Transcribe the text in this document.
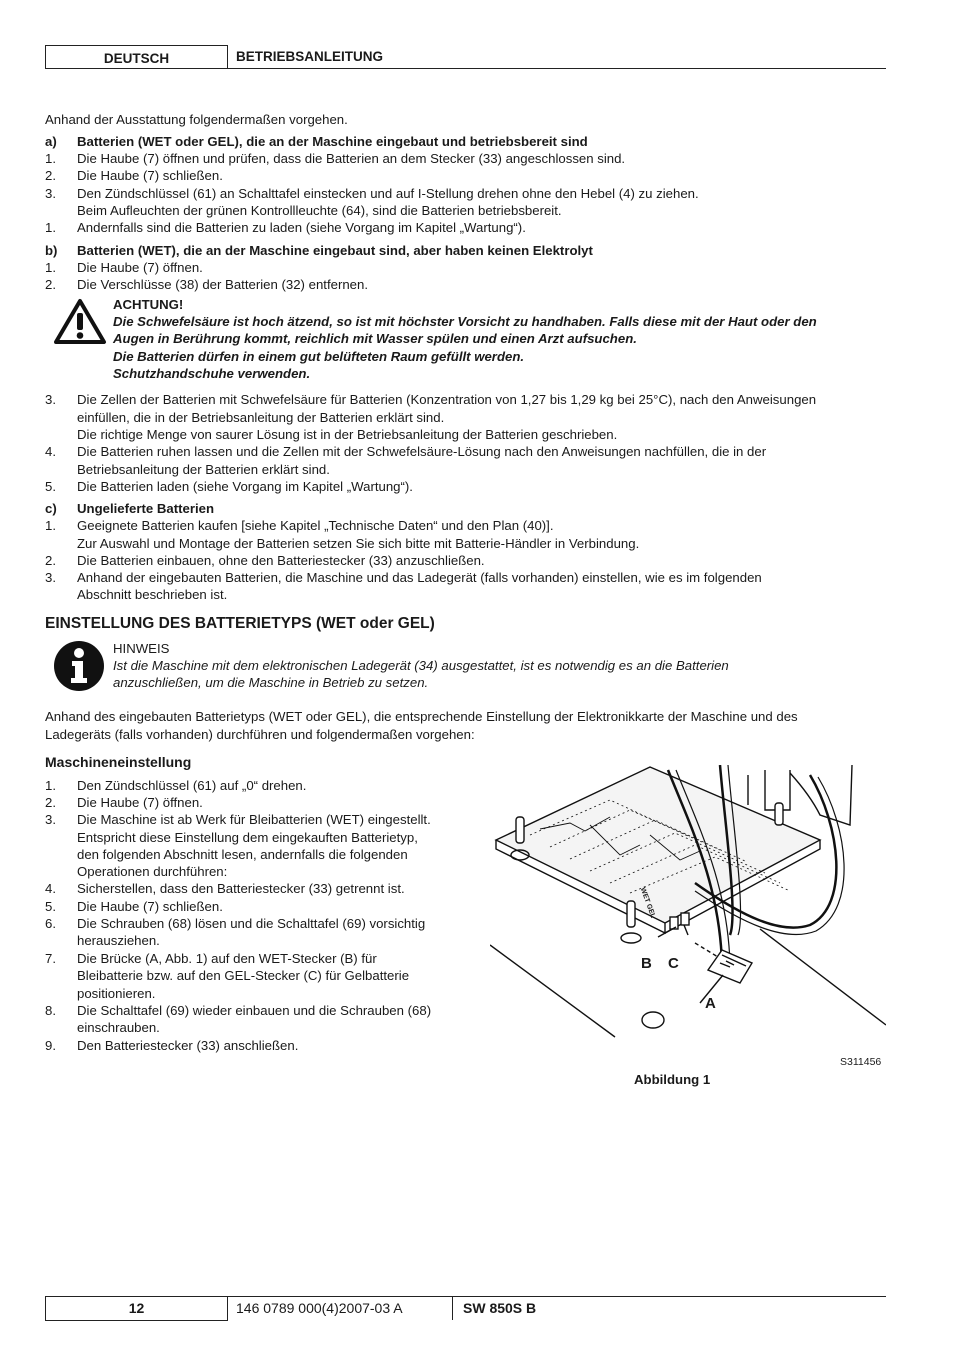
DEUTSCH	BETRIEBSANLEITUNG
Anhand der Ausstattung folgendermaßen vorgehen.
a)	Batterien (WET oder GEL), die an der Maschine eingebaut und betriebsbereit sind
1.	Die Haube (7) öffnen und prüfen, dass die Batterien an dem Stecker (33) angeschlossen sind.
2.	Die Haube (7) schließen.
3.	Den Zündschlüssel (61) an Schalttafel einstecken und auf I-Stellung drehen ohne den Hebel (4) zu ziehen.
Beim Aufleuchten der grünen Kontrollleuchte (64), sind die Batterien betriebsbereit.
1.	Andernfalls sind die Batterien zu laden (siehe Vorgang im Kapitel „Wartung“).
b)	Batterien (WET), die an der Maschine eingebaut sind, aber haben keinen Elektrolyt
1.	Die Haube (7) öffnen.
2.	Die Verschlüsse (38) der Batterien (32) entfernen.
ACHTUNG!
Die Schwefelsäure ist hoch ätzend, so ist mit höchster Vorsicht zu handhaben. Falls diese mit der Haut oder den
Augen in Berührung kommt, reichlich mit Wasser spülen und einen Arzt aufsuchen.
Die Batterien dürfen in einem gut belüfteten Raum gefüllt werden.
Schutzhandschuhe verwenden.
3.	Die Zellen der Batterien mit Schwefelsäure für Batterien (Konzentration von 1,27 bis 1,29 kg bei 25°C), nach den Anweisungen
einfüllen, die in der Betriebsanleitung der Batterien erklärt sind.
Die richtige Menge von saurer Lösung ist in der Betriebsanleitung der Batterien geschrieben.
4.	Die Batterien ruhen lassen und die Zellen mit der Schwefelsäure-Lösung nach den Anweisungen nachfüllen, die in der
Betriebsanleitung der Batterien erklärt sind.
5.	Die Batterien laden (siehe Vorgang im Kapitel „Wartung“).
c)	Ungelieferte Batterien
1.	Geeignete Batterien kaufen [siehe Kapitel „Technische Daten“ und den Plan (40)].
Zur Auswahl und Montage der Batterien setzen Sie sich bitte mit Batterie-Händler in Verbindung.
2.	Die Batterien einbauen, ohne den Batteriestecker (33) anzuschließen.
3.	Anhand der eingebauten Batterien, die Maschine und das Ladegerät (falls vorhanden) einstellen, wie es im folgenden
Abschnitt beschrieben ist.
EINSTELLUNG DES BATTERIETYPS (WET oder GEL)
HINWEIS
Ist die Maschine mit dem elektronischen Ladegerät (34) ausgestattet, ist es notwendig es an die Batterien
anzuschließen, um die Maschine in Betrieb zu setzen.
Anhand des eingebauten Batterietyps (WET oder GEL), die entsprechende Einstellung der Elektronikkarte der Maschine und des
Ladegeräts (falls vorhanden) durchführen und folgendermaßen vorgehen:
Maschineneinstellung
1.	Den Zündschlüssel (61) auf „0“ drehen.
2.	Die Haube (7) öffnen.
3.	Die Maschine ist ab Werk für Bleibatterien (WET) eingestellt.
Entspricht diese Einstellung dem eingekauften Batterietyp,
den folgenden Abschnitt lesen, andernfalls die folgenden
Operationen durchführen:
4.	Sicherstellen, dass den Batteriestecker (33) getrennt ist.
5.	Die Haube (7) schließen.
6.	Die Schrauben (68) lösen und die Schalttafel (69) vorsichtig
herausziehen.
7.	Die Brücke (A, Abb. 1) auf den WET-Stecker (B) für
Bleibatterie bzw. auf den GEL-Stecker (C) für Gelbatterie
positionieren.
8.	Die Schalttafel (69) wieder einbauen und die Schrauben (68)
einschrauben.
9.	Den Batteriestecker (33) anschließen.
B C
A
WET GEL
S311456
Abbildung 1
12	146 0789 000(4)2007-03 A	SW 850S B
